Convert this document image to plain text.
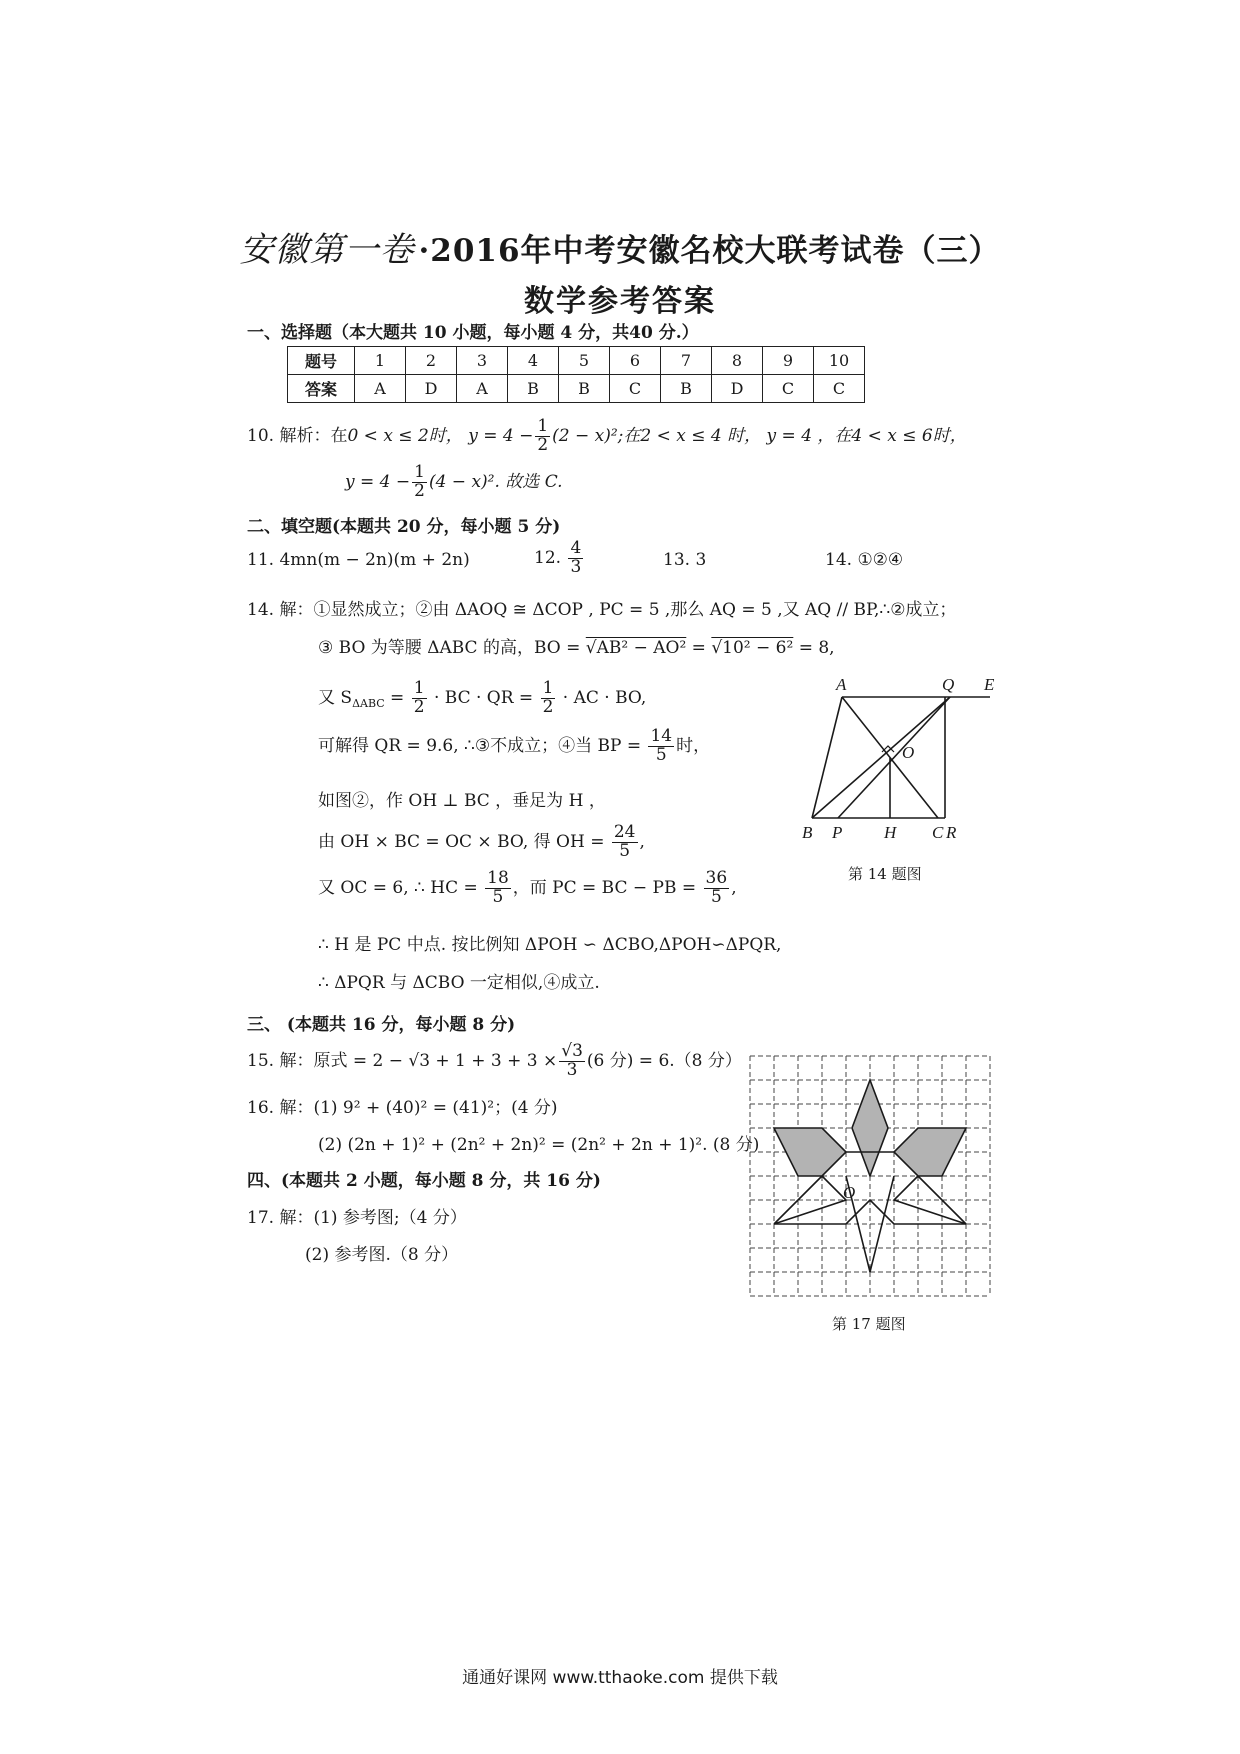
安徽第一卷 ·2016年中考安徽名校大联考试卷（三）
数学参考答案
一、选择题（本大题共 10 小题，每小题 4 分，共40 分.）
题号	1	2	3	4	5	6	7	8	9	10
答案	A	D	A	B	B	C	B	D	C	C
10. 解析：在0 < x ≤ 2时， $y = 4 - \frac{1}{2} (2 - x)^2$;在2 < x ≤ 4 时， y = 4 ，在4 < x ≤ 6时，
$y = 4 - \frac{1}{2} (4 - x)^2$. 故选 C.
二、填空题(本题共 20 分，每小题 5 分)
11. 4mn(m − 2n)(m + 2n)	12. $\frac{4}{3}$	13. 3	14. ①②④
14. 解：①显然成立；②由 ΔAOQ ≅ ΔCOP , PC = 5 ,那么 AQ = 5 ,又 AQ // BP,∴②成立；
③ BO 为等腰 ΔABC 的高，BO = √AB² − AO² = √10² − 6² = 8,
又 $S_{\Delta ABC} = \frac{1}{2}$ · BC · QR = $\frac{1}{2}$ · AC · BO,
可解得 QR = 9.6, ∴③不成立；④当 BP = $\frac{14}{5}$ 时，
如图②，作 OH ⊥ BC ，垂足为 H ，
由 OH × BC = OC × BO, 得 OH = $\frac{24}{5}$ ,
又 OC = 6, ∴ HC = $\frac{18}{5}$ ，而 PC = BC − PB = $\frac{36}{5}$ ,
∴ H 是 PC 中点. 按比例知 ΔPOH ∽ ΔCBO,ΔPOH∽ΔPQR,
∴ ΔPQR 与 ΔCBO 一定相似,④成立.
A	Q E
O
B P H C R
第 14 题图
三、 (本题共 16 分，每小题 8 分)
15. 解：原式 = $2 - √3 + 1 + 3 + 3 \times \frac{√3}{3} (6$ 分) = 6.（8 分）
16. 解：(1) 9² + (40)² = (41)²；(4 分)
(2) (2n + 1)² + (2n² + 2n)² = (2n² + 2n + 1)². (8 分)
四、(本题共 2 小题，每小题 8 分，共 16 分)
17. 解：(1) 参考图;（4 分）
(2) 参考图.（8 分）
O
第 17 题图
通通好课网 www.tthaoke.com 提供下载
